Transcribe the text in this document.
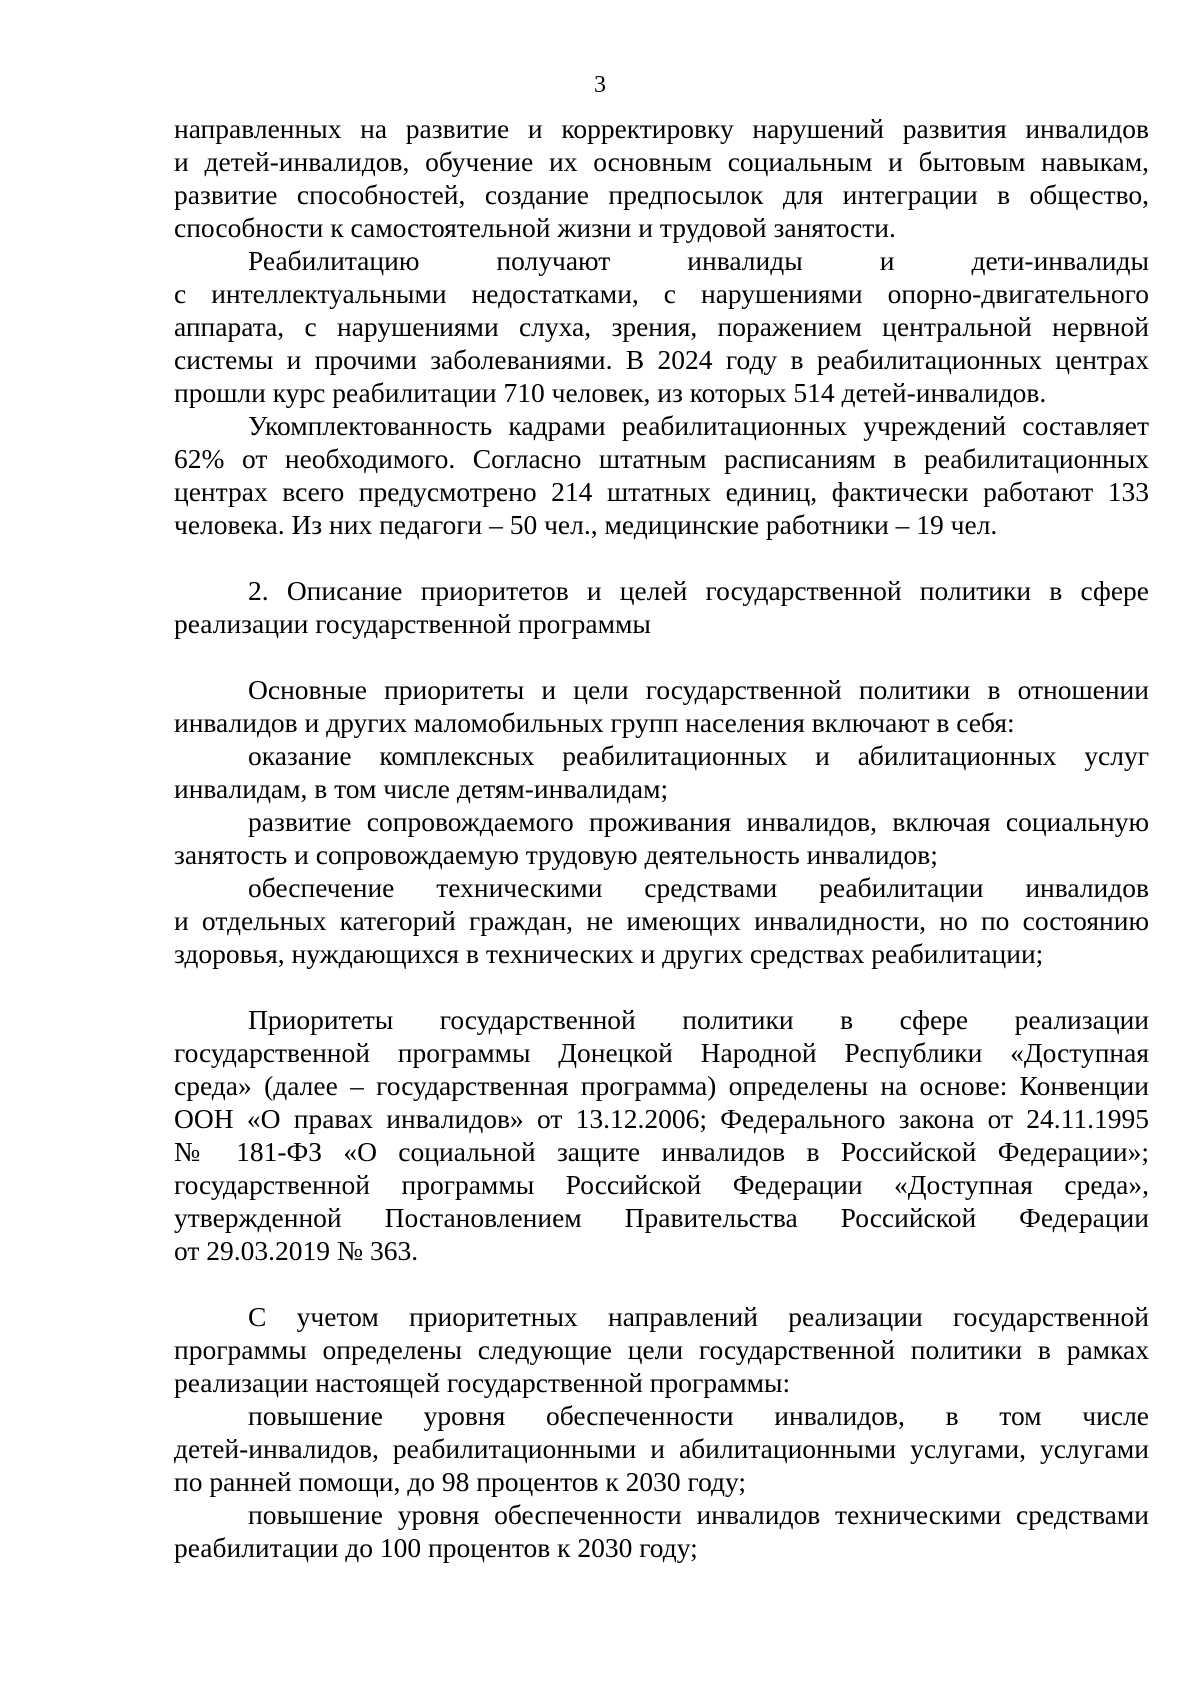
3
направленных на развитие и корректировку нарушений развития инвалидов
и детей-инвалидов, обучение их основным социальным и бытовым навыкам,
развитие способностей, создание предпосылок для интеграции в общество,
способности к самостоятельной жизни и трудовой занятости.
Реабилитацию получают инвалиды и дети-инвалиды
с интеллектуальными недостатками, с нарушениями опорно-двигательного
аппарата, с нарушениями слуха, зрения, поражением центральной нервной
системы и прочими заболеваниями. В 2024 году в реабилитационных центрах
прошли курс реабилитации 710 человек, из которых 514 детей-инвалидов.
Укомплектованность кадрами реабилитационных учреждений составляет
62% от необходимого. Согласно штатным расписаниям в реабилитационных
центрах всего предусмотрено 214 штатных единиц, фактически работают 133
человека. Из них педагоги – 50 чел., медицинские работники – 19 чел.
2. Описание приоритетов и целей государственной политики в сфере
реализации государственной программы
Основные приоритеты и цели государственной политики в отношении
инвалидов и других маломобильных групп населения включают в себя:
оказание комплексных реабилитационных и абилитационных услуг
инвалидам, в том числе детям-инвалидам;
развитие сопровождаемого проживания инвалидов, включая социальную
занятость и сопровождаемую трудовую деятельность инвалидов;
обеспечение техническими средствами реабилитации инвалидов
и отдельных категорий граждан, не имеющих инвалидности, но по состоянию
здоровья, нуждающихся в технических и других средствах реабилитации;
Приоритеты государственной политики в сфере реализации
государственной программы Донецкой Народной Республики «Доступная
среда» (далее – государственная программа) определены на основе: Конвенции
ООН «О правах инвалидов» от 13.12.2006; Федерального закона от 24.11.1995
№ 181-ФЗ «О социальной защите инвалидов в Российской Федерации»;
государственной программы Российской Федерации «Доступная среда»,
утвержденной Постановлением Правительства Российской Федерации
от 29.03.2019 № 363.
С учетом приоритетных направлений реализации государственной
программы определены следующие цели государственной политики в рамках
реализации настоящей государственной программы:
повышение уровня обеспеченности инвалидов, в том числе
детей-инвалидов, реабилитационными и абилитационными услугами, услугами
по ранней помощи, до 98 процентов к 2030 году;
повышение уровня обеспеченности инвалидов техническими средствами
реабилитации до 100 процентов к 2030 году;
